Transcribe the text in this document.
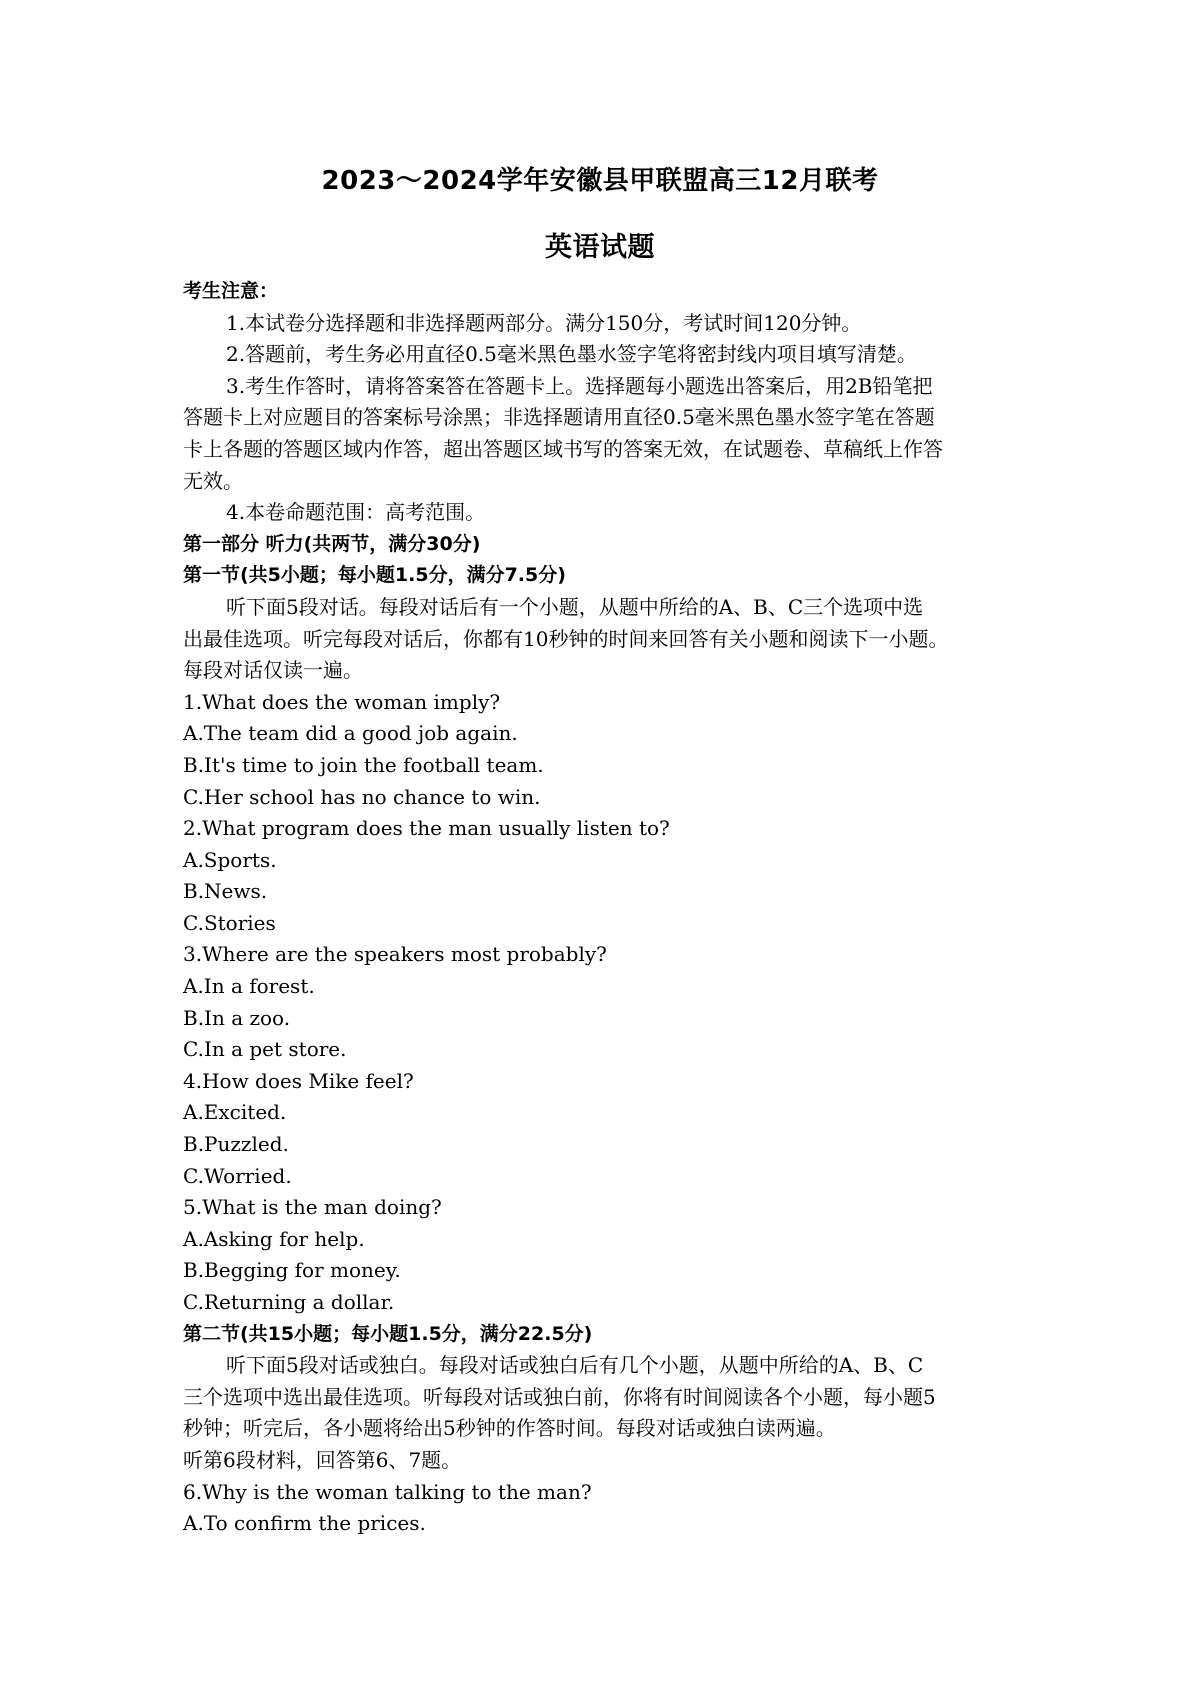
2023～2024学年安徽县甲联盟高三12月联考
英语试题
考生注意：
1.本试卷分选择题和非选择题两部分。满分150分，考试时间120分钟。
2.答题前，考生务必用直径0.5毫米黑色墨水签字笔将密封线内项目填写清楚。
3.考生作答时，请将答案答在答题卡上。选择题每小题选出答案后，用2B铅笔把
答题卡上对应题目的答案标号涂黑；非选择题请用直径0.5毫米黑色墨水签字笔在答题
卡上各题的答题区域内作答，超出答题区域书写的答案无效，在试题卷、草稿纸上作答
无效。
4.本卷命题范围：高考范围。
第一部分 听力(共两节，满分30分)
第一节(共5小题；每小题1.5分，满分7.5分)
听下面5段对话。每段对话后有一个小题，从题中所给的A、B、C三个选项中选
出最佳选项。听完每段对话后，你都有10秒钟的时间来回答有关小题和阅读下一小题。
每段对话仅读一遍。
1.What does the woman imply?
A.The team did a good job again.
B.It's time to join the football team.
C.Her school has no chance to win.
2.What program does the man usually listen to?
A.Sports.
B.News.
C.Stories
3.Where are the speakers most probably?
A.In a forest.
B.In a zoo.
C.In a pet store.
4.How does Mike feel?
A.Excited.
B.Puzzled.
C.Worried.
5.What is the man doing?
A.Asking for help.
B.Begging for money.
C.Returning a dollar.
第二节(共15小题；每小题1.5分，满分22.5分)
听下面5段对话或独白。每段对话或独白后有几个小题，从题中所给的A、B、C
三个选项中选出最佳选项。听每段对话或独白前，你将有时间阅读各个小题，每小题5
秒钟；听完后，各小题将给出5秒钟的作答时间。每段对话或独白读两遍。
听第6段材料，回答第6、7题。
6.Why is the woman talking to the man?
A.To confirm the prices.
